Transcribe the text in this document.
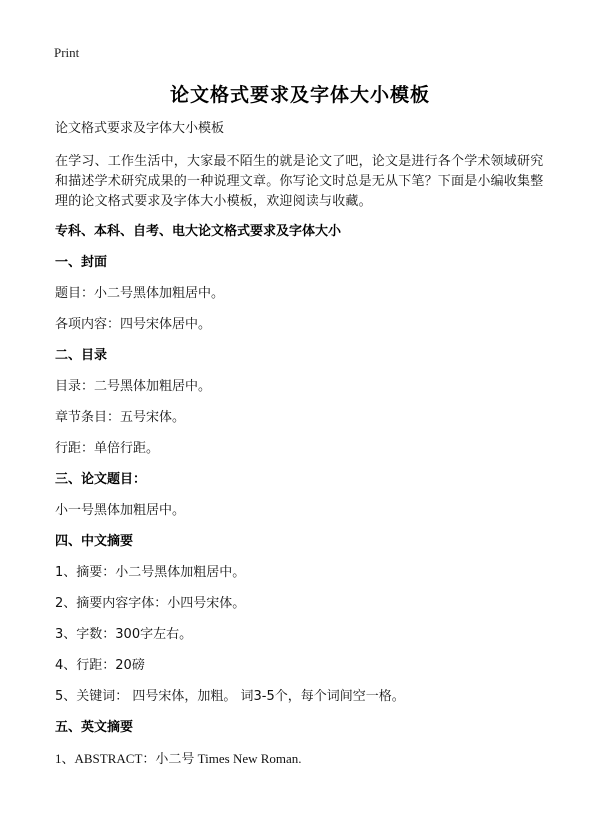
Print
论文格式要求及字体大小模板

论文格式要求及字体大小模板

在学习、工作生活中，大家最不陌生的就是论文了吧，论文是进行各个学术领域研究和描述学术研究成果的一种说理文章。你写论文时总是无从下笔？下面是小编收集整理的论文格式要求及字体大小模板，欢迎阅读与收藏。

专科、本科、自考、电大论文格式要求及字体大小

一、封面

题目：小二号黑体加粗居中。

各项内容：四号宋体居中。

二、目录

目录：二号黑体加粗居中。

章节条目：五号宋体。

行距：单倍行距。

三、论文题目：

小一号黑体加粗居中。

四、中文摘要

1、摘要：小二号黑体加粗居中。

2、摘要内容字体：小四号宋体。

3、字数：300字左右。

4、行距：20磅

5、关键词： 四号宋体，加粗。 词3-5个，每个词间空一格。

五、英文摘要

1、ABSTRACT：小二号 Times New Roman.
